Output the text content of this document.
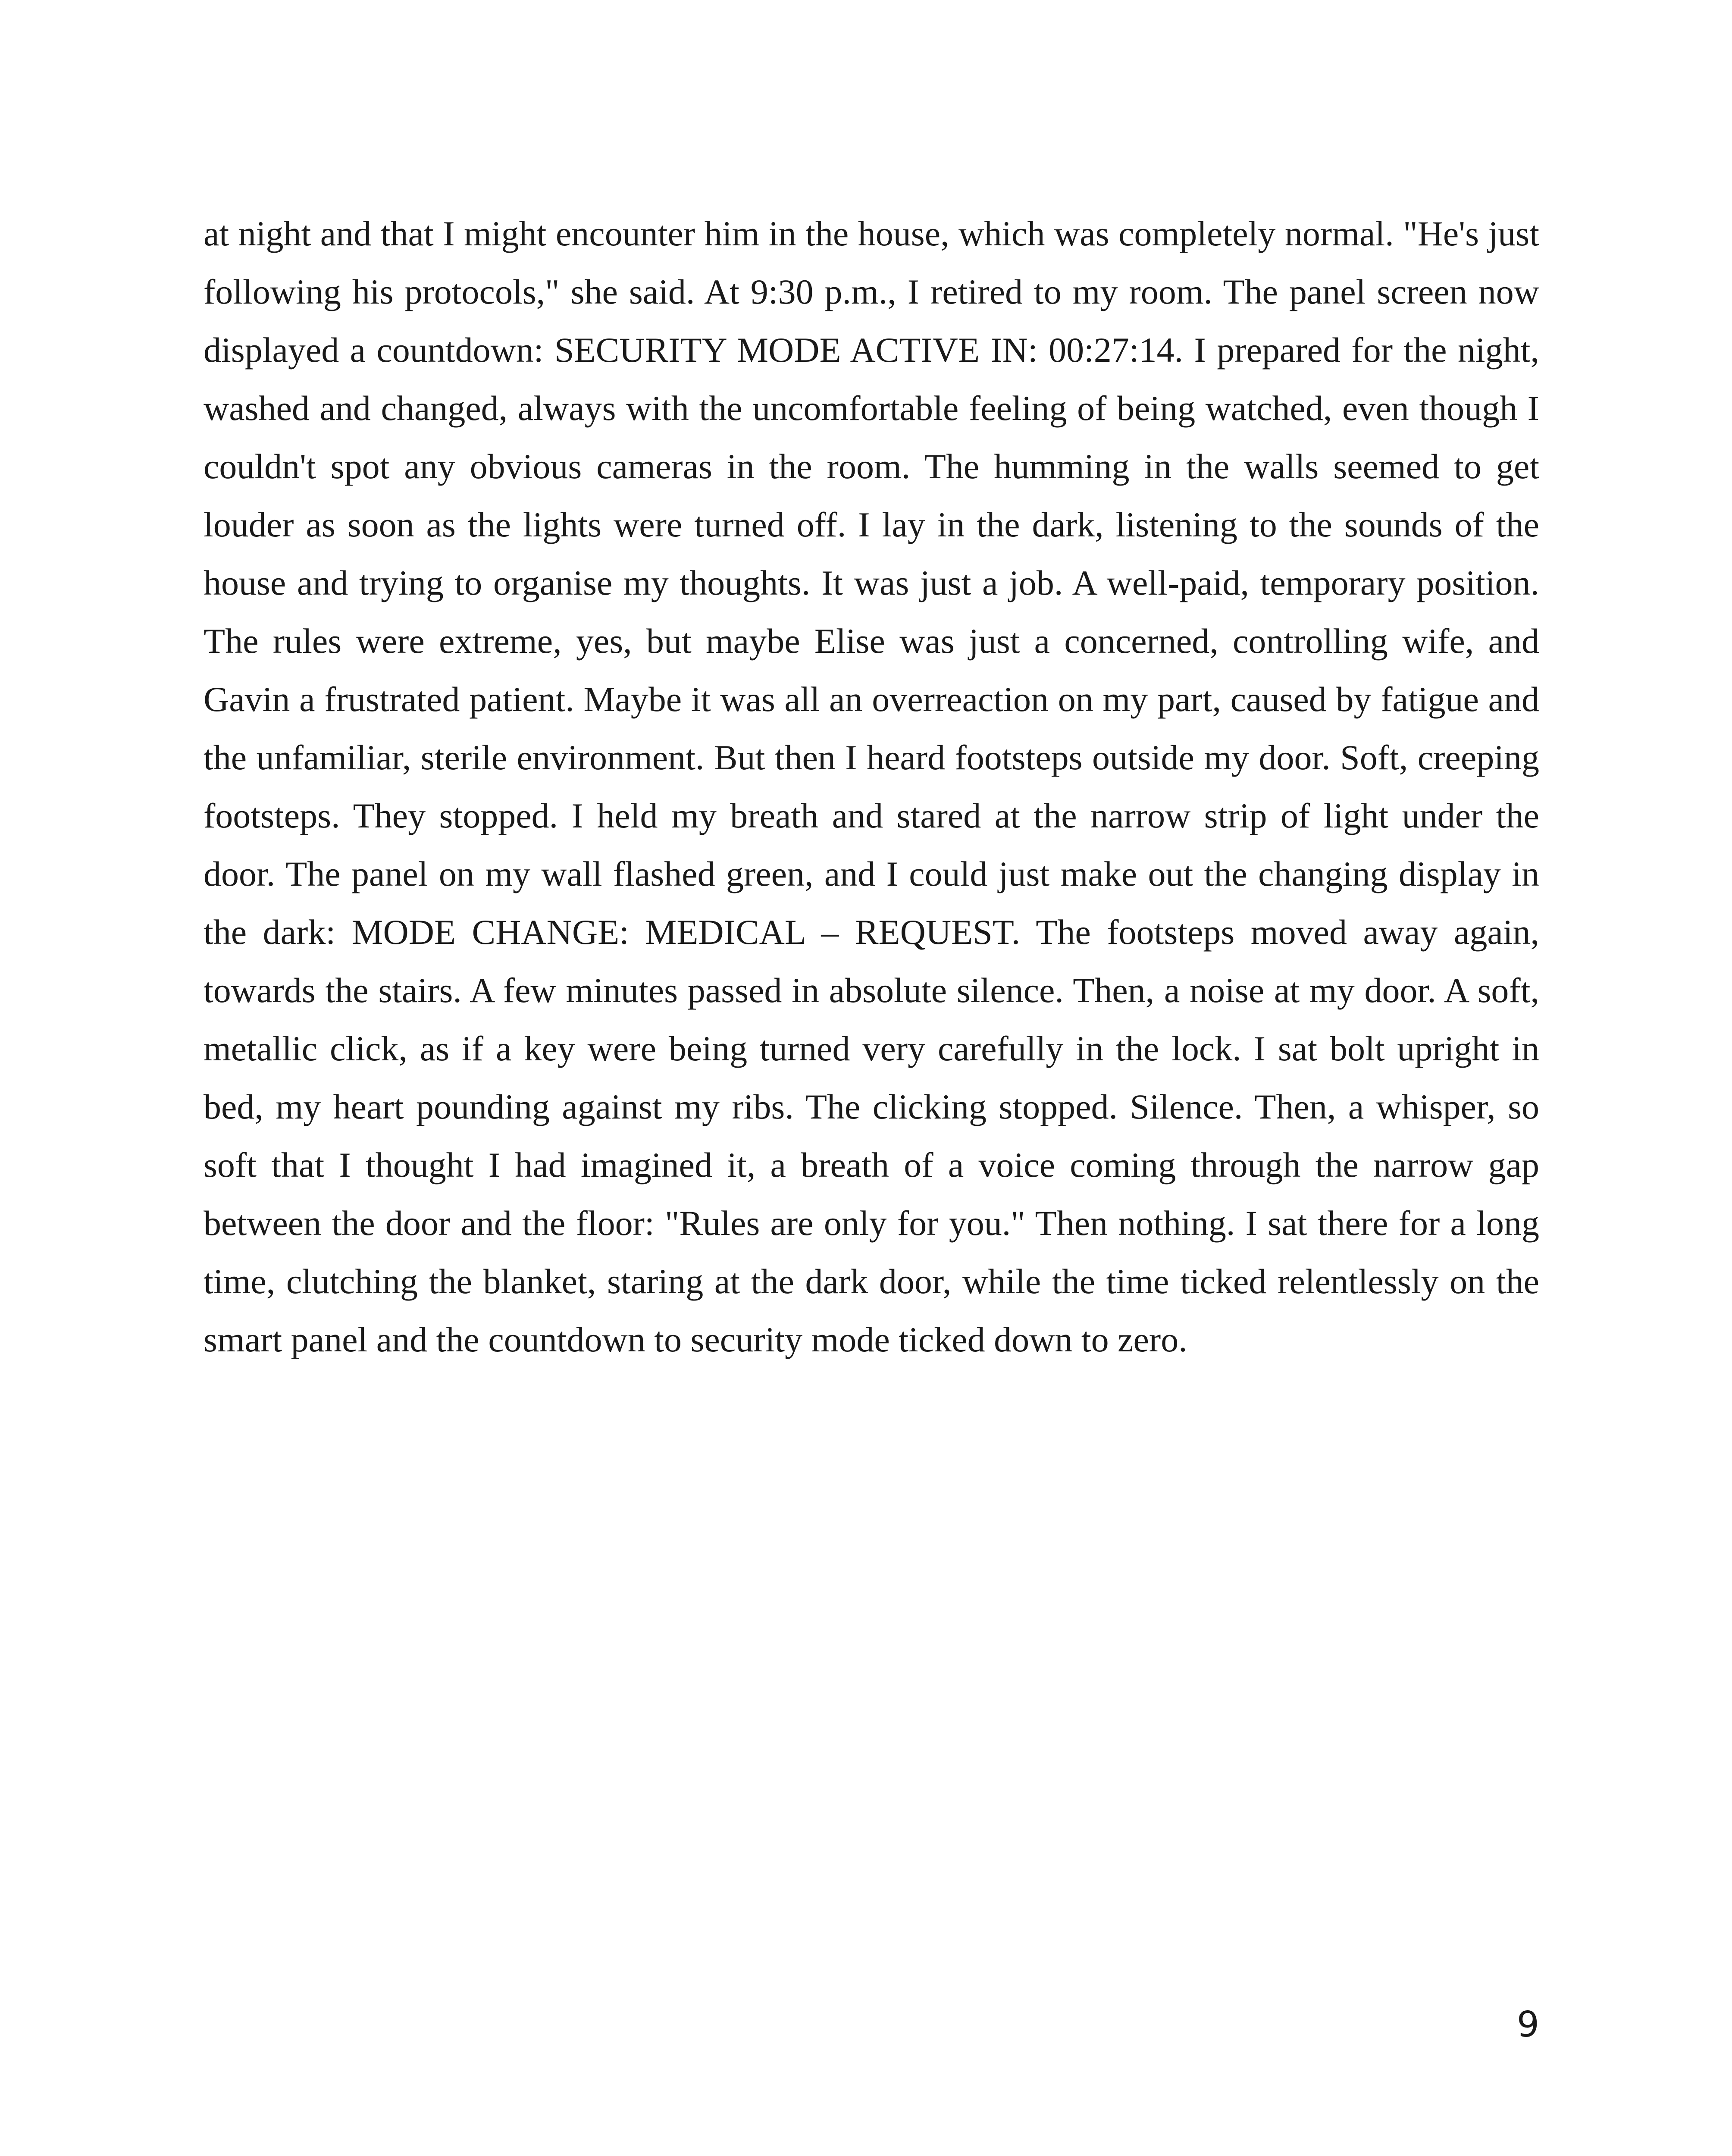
at night and that I might encounter him in the house, which was completely normal. "He's just following his protocols," she said. At 9:30 p.m., I retired to my room. The panel screen now displayed a countdown: SECURITY MODE ACTIVE IN: 00:27:14. I prepared for the night, washed and changed, always with the uncomfortable feeling of being watched, even though I couldn't spot any obvious cameras in the room. The humming in the walls seemed to get louder as soon as the lights were turned off. I lay in the dark, listening to the sounds of the house and trying to organise my thoughts. It was just a job. A well-paid, temporary position. The rules were extreme, yes, but maybe Elise was just a concerned, controlling wife, and Gavin a frustrated patient. Maybe it was all an overreaction on my part, caused by fatigue and the unfamiliar, sterile environment. But then I heard footsteps outside my door. Soft, creeping footsteps. They stopped. I held my breath and stared at the narrow strip of light under the door. The panel on my wall flashed green, and I could just make out the changing display in the dark: MODE CHANGE: MEDICAL – REQUEST. The footsteps moved away again, towards the stairs. A few minutes passed in absolute silence. Then, a noise at my door. A soft, metallic click, as if a key were being turned very carefully in the lock. I sat bolt upright in bed, my heart pounding against my ribs. The clicking stopped. Silence. Then, a whisper, so soft that I thought I had imagined it, a breath of a voice coming through the narrow gap between the door and the floor: "Rules are only for you." Then nothing. I sat there for a long time, clutching the blanket, staring at the dark door, while the time ticked relentlessly on the smart panel and the countdown to security mode ticked down to zero.

9
